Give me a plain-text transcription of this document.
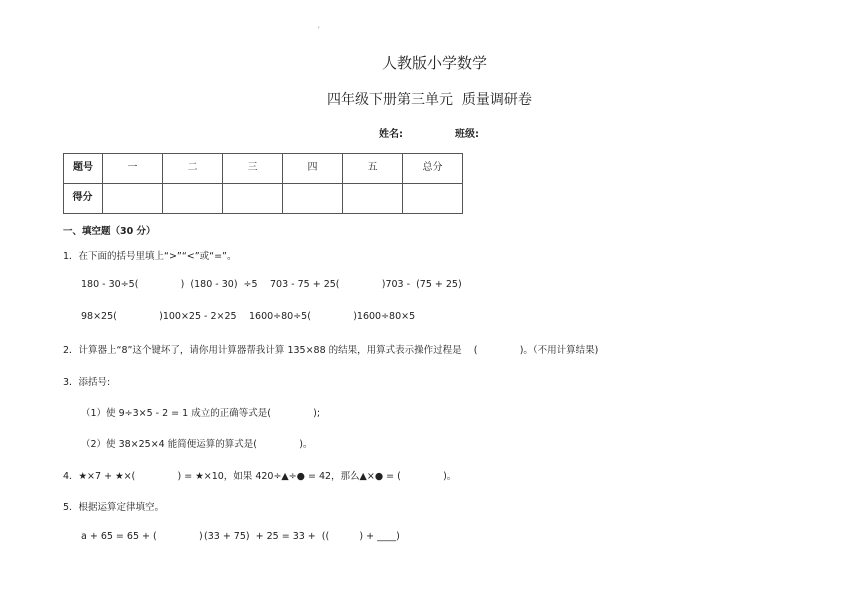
'
人教版小学数学
四年级下册第三单元  质量调研卷
姓名:	班级:
题号	一	二	三	四	五	总分
得分						
一、填空题（30 分）
1．在下面的括号里填上“>”“<”或“=”。
180 - 30÷5(              )  (180 - 30)  ÷5 703 - 75 + 25(              )703 -  (75 + 25)
98×25(              )100×25 - 2×25 1600÷80÷5(              )1600÷80×5
2．计算器上“8”这个键坏了，请你用计算器帮我计算 135×88 的结果，用算式表示操作过程是    (              )。（不用计算结果)
3．添括号:
（1）使 9÷3×5 - 2 = 1 成立的正确等式是(              );
（2）使 38×25×4 能简便运算的算式是(              )。
4．★×7 + ★×(              ) = ★×10，如果 420÷▲÷● = 42，那么▲×● = (              )。
5．根据运算定律填空。
a + 65 = 65 + (              ) (33 + 75)  + 25 = 33 +  ((          ) + ____)
